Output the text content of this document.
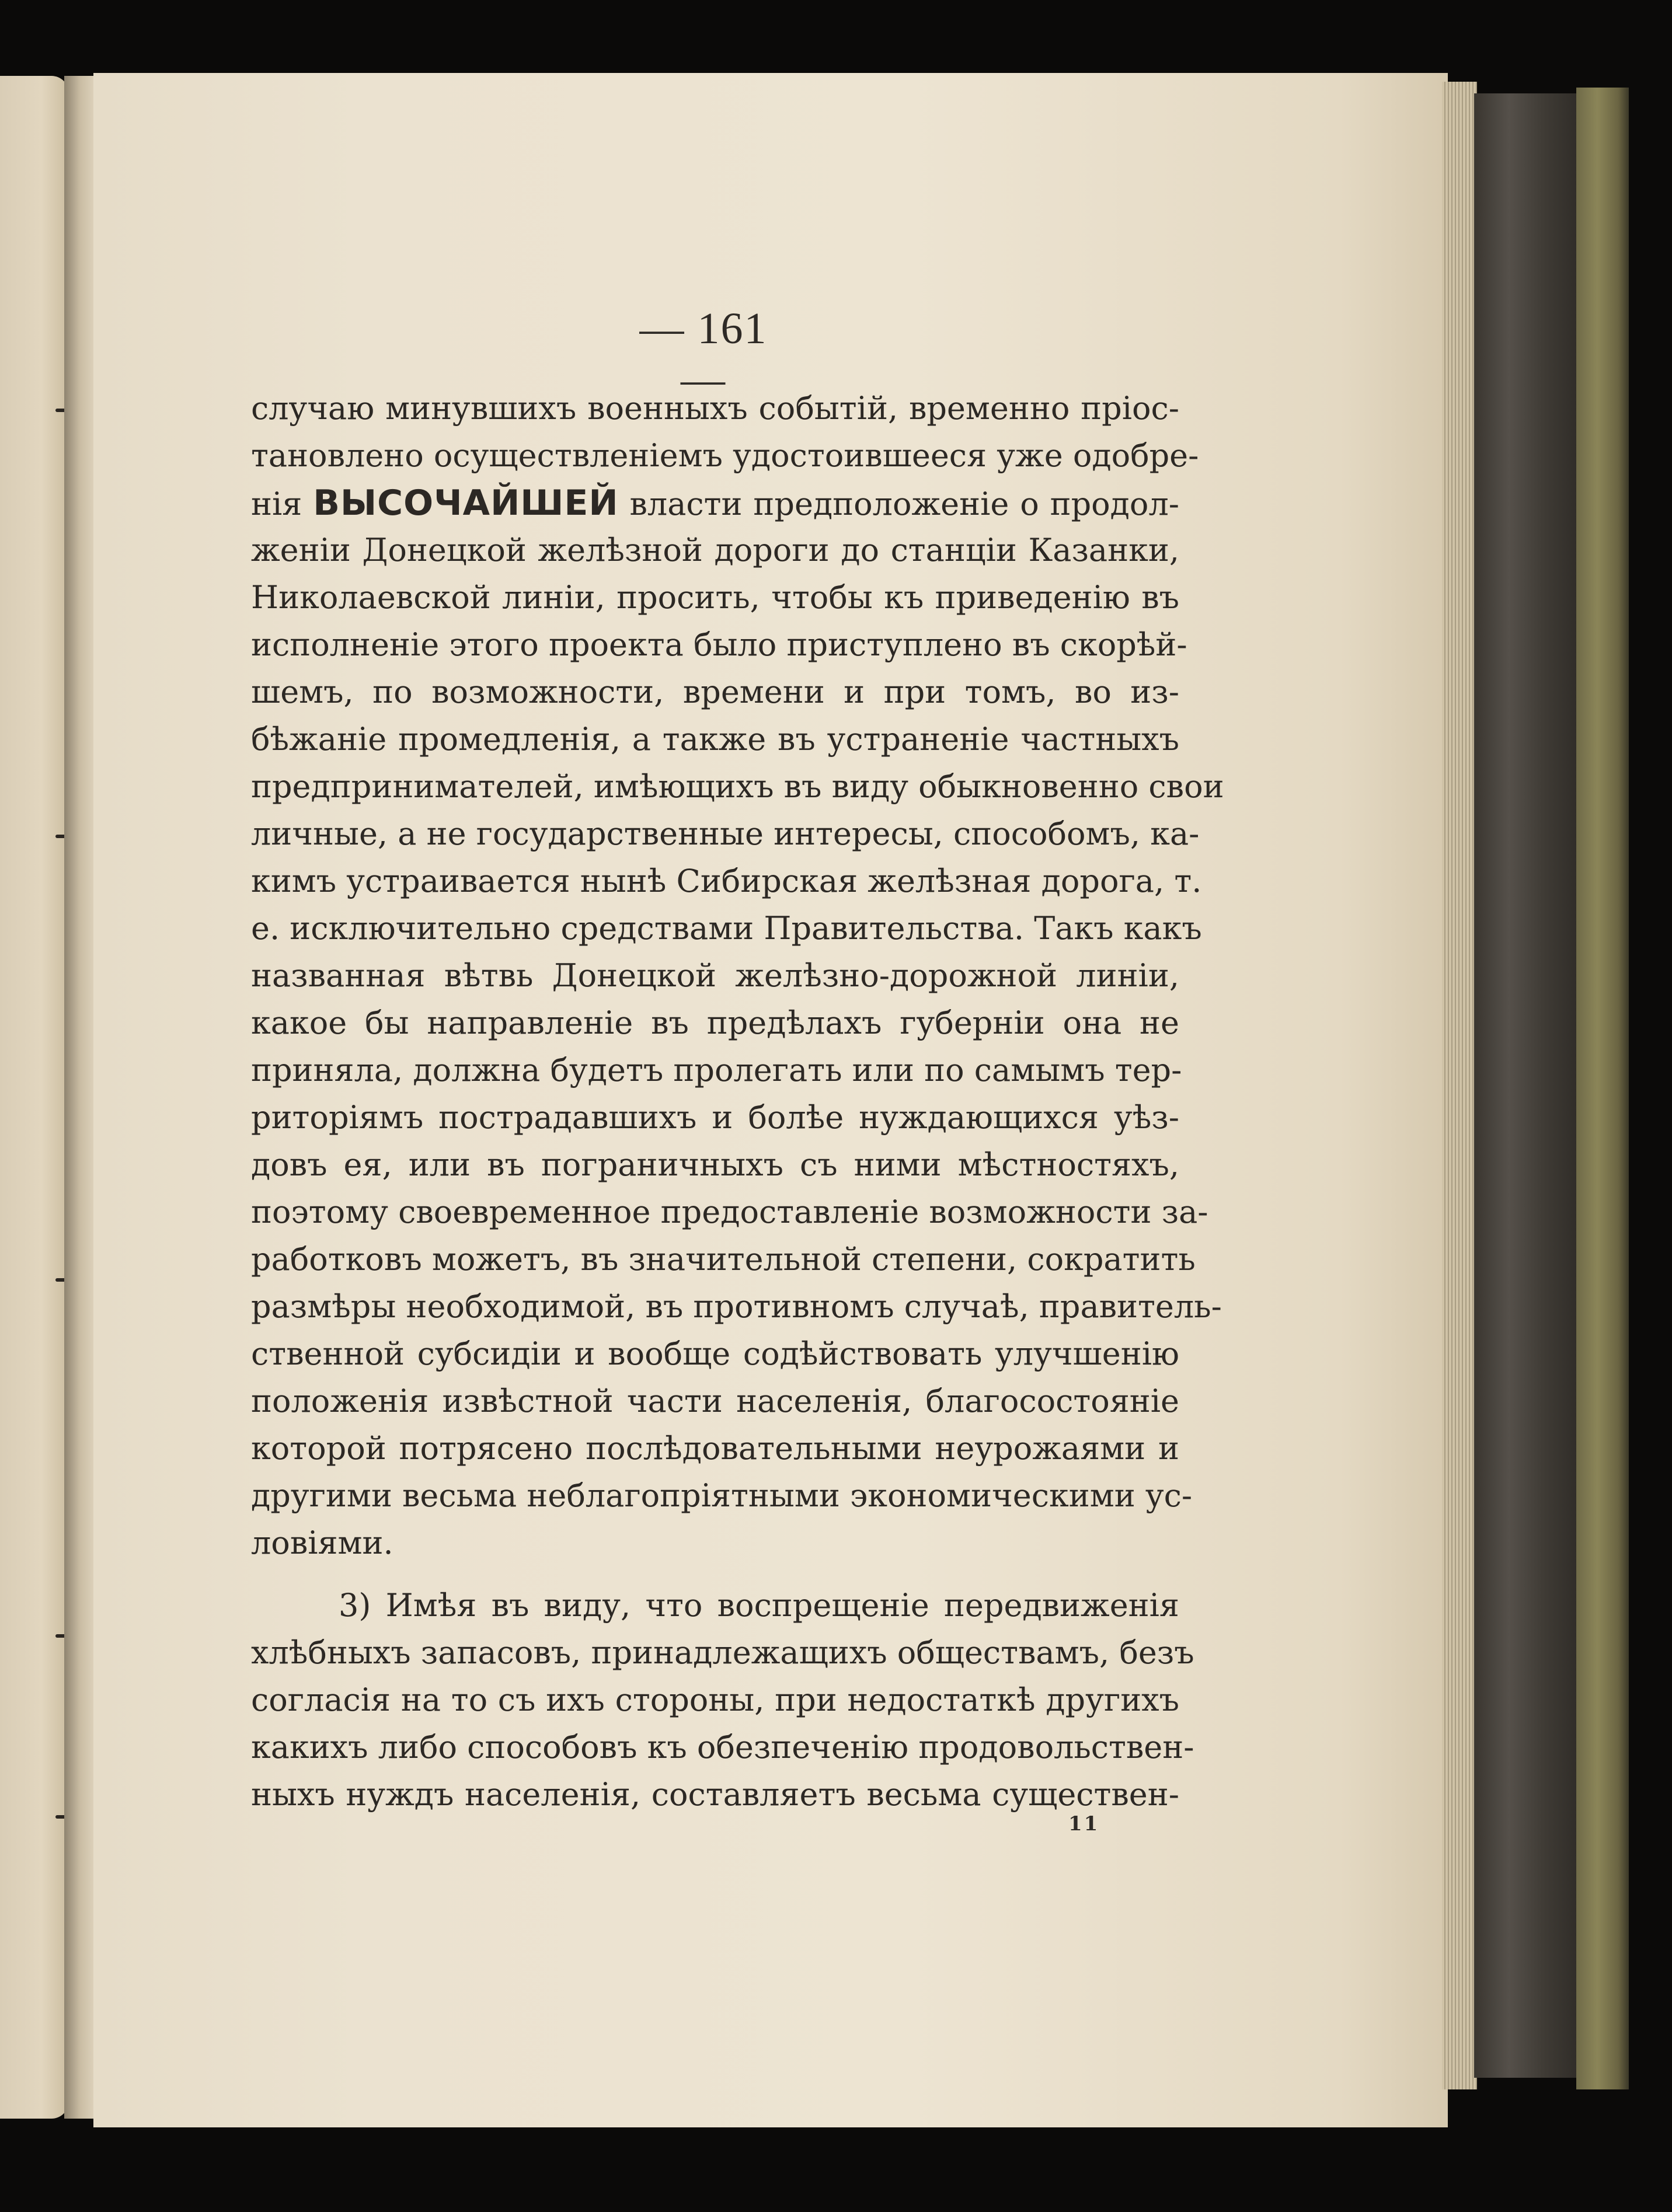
— 161 —
случаю минувшихъ военныхъ событій, временно пріос-
тановлено осуществленіемъ удостоившееся уже одобре-
нія ВЫСОЧАЙШЕЙ власти предположеніе о продол-
женіи Донецкой желѣзной дороги до станціи Казанки,
Николаевской линіи, просить, чтобы къ приведенію въ
исполненіе этого проекта было приступлено въ скорѣй-
шемъ, по возможности, времени и при томъ, во из-
бѣжаніе промедленія, а также въ устраненіе частныхъ
предпринимателей, имѣющихъ въ виду обыкновенно свои
личные, а не государственные интересы, способомъ, ка-
кимъ устраивается нынѣ Сибирская желѣзная дорога, т.
е. исключительно средствами Правительства. Такъ какъ
названная вѣтвь Донецкой желѣзно-дорожной линіи,
какое бы направленіе въ предѣлахъ губерніи она не
приняла, должна будетъ пролегать или по самымъ тер-
риторіямъ пострадавшихъ и болѣе нуждающихся уѣз-
довъ ея, или въ пограничныхъ съ ними мѣстностяхъ,
поэтому своевременное предоставленіе возможности за-
работковъ можетъ, въ значительной степени, сократить
размѣры необходимой, въ противномъ случаѣ, правитель-
ственной субсидіи и вообще содѣйствовать улучшенію
положенія извѣстной части населенія, благосостояніе
которой потрясено послѣдовательными неурожаями и
другими весьма неблагопріятными экономическими ус-
ловіями.
3) Имѣя въ виду, что воспрещеніе передвиженія
хлѣбныхъ запасовъ, принадлежащихъ обществамъ, безъ
согласія на то съ ихъ стороны, при недостаткѣ другихъ
какихъ либо способовъ къ обезпеченію продовольствен-
ныхъ нуждъ населенія, составляетъ весьма существен-
11
